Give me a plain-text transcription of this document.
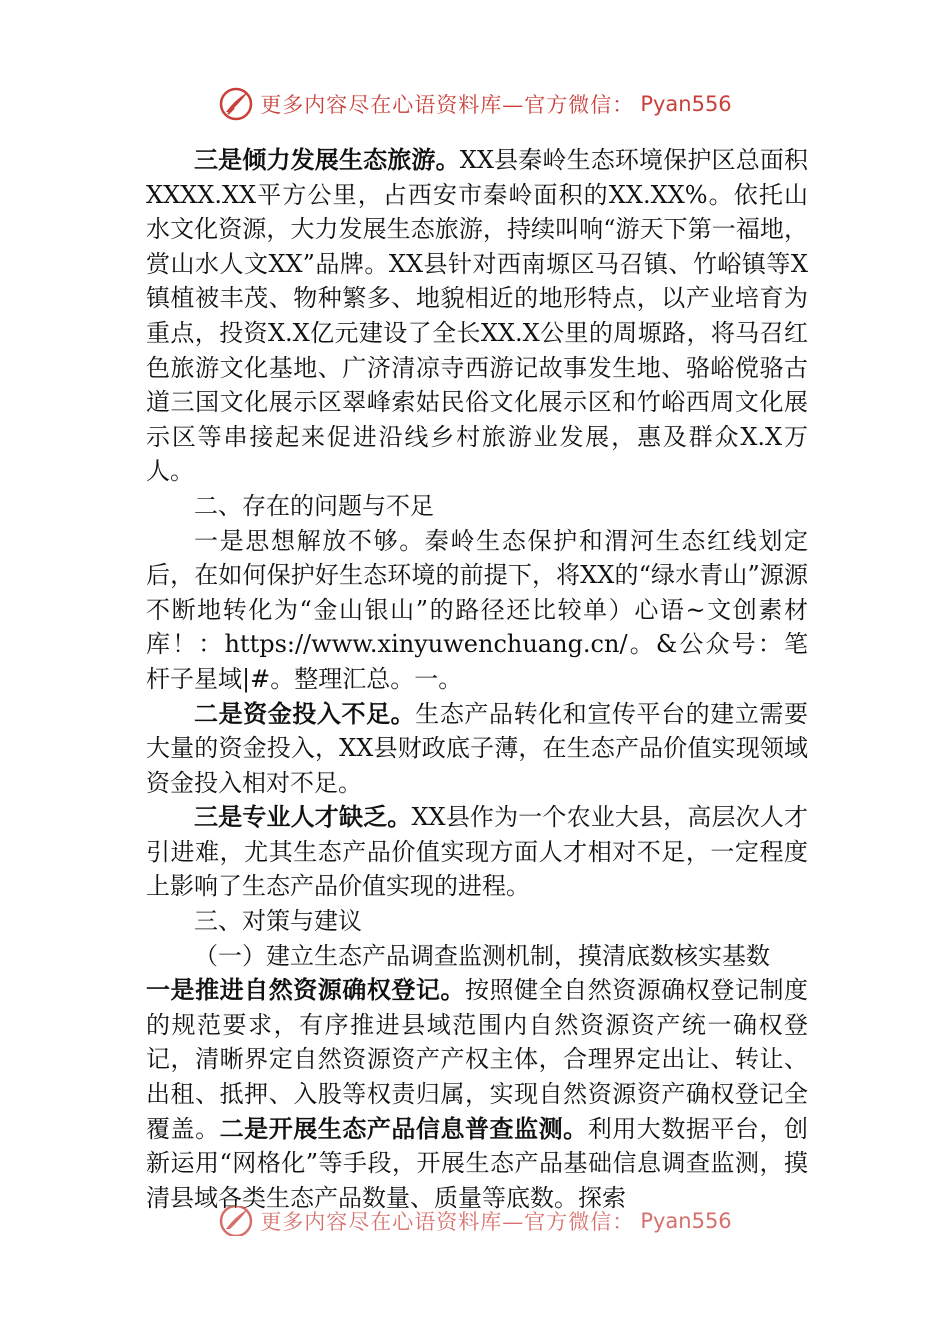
更多内容尽在心语资料库—官方微信： Pyan556

三是倾力发展生态旅游。XX县秦岭生态环境保护区总面积XXXX.XX平方公里，占西安市秦岭面积的XX.XX%。依托山水文化资源，大力发展生态旅游，持续叫响“游天下第一福地，赏山水人文XX”品牌。XX县针对西南塬区马召镇、竹峪镇等X镇植被丰茂、物种繁多、地貌相近的地形特点，以产业培育为重点，投资X.X亿元建设了全长XX.X公里的周塬路，将马召红色旅游文化基地、广济清凉寺西游记故事发生地、骆峪傥骆古道三国文化展示区翠峰索姑民俗文化展示区和竹峪西周文化展示区等串接起来促进沿线乡村旅游业发展，惠及群众X.X万人。

二、存在的问题与不足

一是思想解放不够。秦岭生态保护和渭河生态红线划定后，在如何保护好生态环境的前提下，将XX的“绿水青山”源源不断地转化为“金山银山”的路径还比较单）心语~文创素材库！：https://www.xinyuwenchuang.cn/。&公众号：笔杆子星域|#。整理汇总。一。

二是资金投入不足。生态产品转化和宣传平台的建立需要大量的资金投入，XX县财政底子薄，在生态产品价值实现领域资金投入相对不足。

三是专业人才缺乏。XX县作为一个农业大县，高层次人才引进难，尤其生态产品价值实现方面人才相对不足，一定程度上影响了生态产品价值实现的进程。

三、对策与建议

（一）建立生态产品调查监测机制，摸清底数核实基数

一是推进自然资源确权登记。按照健全自然资源确权登记制度的规范要求，有序推进县域范围内自然资源资产统一确权登记，清晰界定自然资源资产产权主体，合理界定出让、转让、出租、抵押、入股等权责归属，实现自然资源资产确权登记全覆盖。二是开展生态产品信息普查监测。利用大数据平台，创新运用“网格化”等手段，开展生态产品基础信息调查监测，摸清县域各类生态产品数量、质量等底数。探索

更多内容尽在心语资料库—官方微信： Pyan556
